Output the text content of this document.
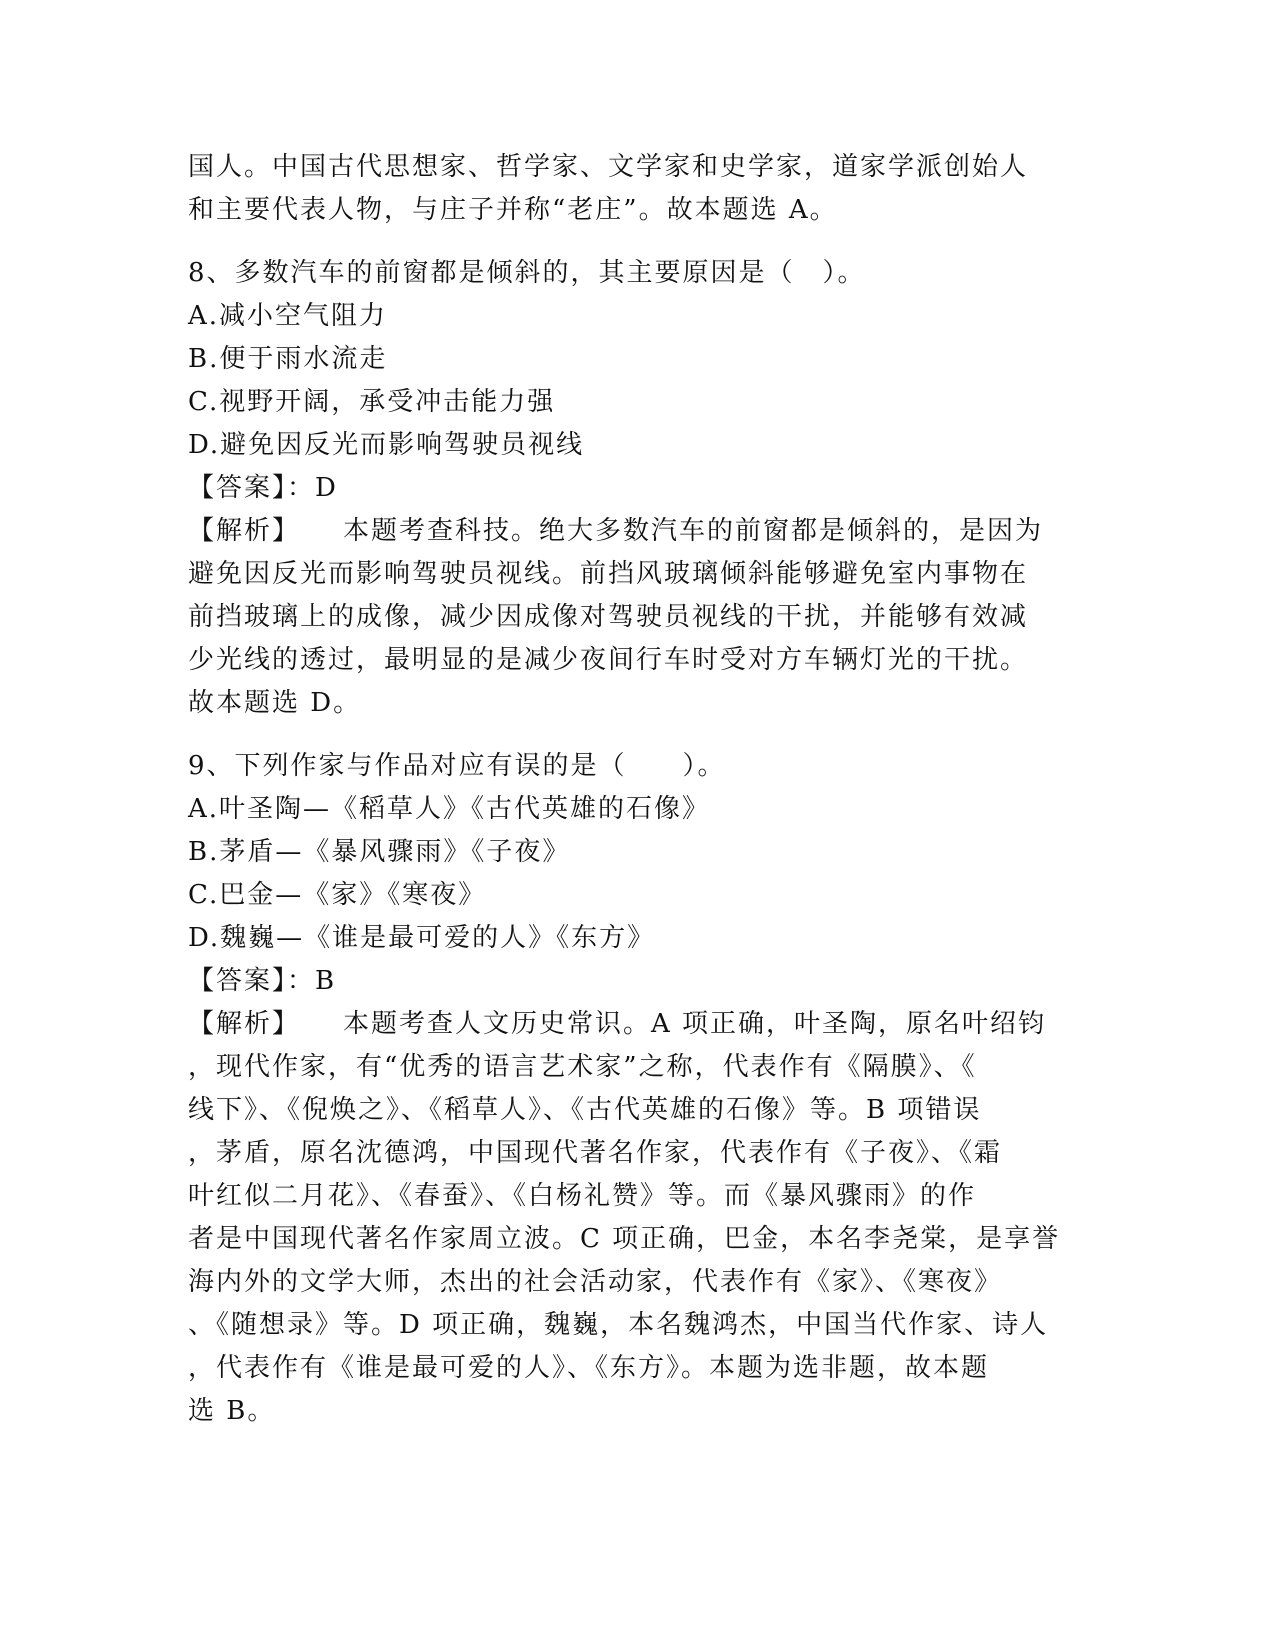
国人。中国古代思想家、哲学家、文学家和史学家，道家学派创始人
和主要代表人物，与庄子并称“老庄”。故本题选 A。
8、多数汽车的前窗都是倾斜的，其主要原因是（　）。
A.减小空气阻力
B.便于雨水流走
C.视野开阔，承受冲击能力强
D.避免因反光而影响驾驶员视线
【答案】：D
【解析】　　本题考查科技。绝大多数汽车的前窗都是倾斜的，是因为
避免因反光而影响驾驶员视线。前挡风玻璃倾斜能够避免室内事物在
前挡玻璃上的成像，减少因成像对驾驶员视线的干扰，并能够有效减
少光线的透过，最明显的是减少夜间行车时受对方车辆灯光的干扰。
故本题选 D。
9、下列作家与作品对应有误的是（　　）。
A.叶圣陶—《稻草人》《古代英雄的石像》
B.茅盾—《暴风骤雨》《子夜》
C.巴金—《家》《寒夜》
D.魏巍—《谁是最可爱的人》《东方》
【答案】：B
【解析】　　本题考查人文历史常识。A 项正确，叶圣陶，原名叶绍钧
，现代作家，有“优秀的语言艺术家”之称，代表作有《隔膜》、《
线下》、《倪焕之》、《稻草人》、《古代英雄的石像》等。B 项错误
，茅盾，原名沈德鸿，中国现代著名作家，代表作有《子夜》、《霜
叶红似二月花》、《春蚕》、《白杨礼赞》等。而《暴风骤雨》的作
者是中国现代著名作家周立波。C 项正确，巴金，本名李尧棠，是享誉
海内外的文学大师，杰出的社会活动家，代表作有《家》、《寒夜》
、《随想录》等。D 项正确，魏巍，本名魏鸿杰，中国当代作家、诗人
，代表作有《谁是最可爱的人》、《东方》。本题为选非题，故本题
选 B。
